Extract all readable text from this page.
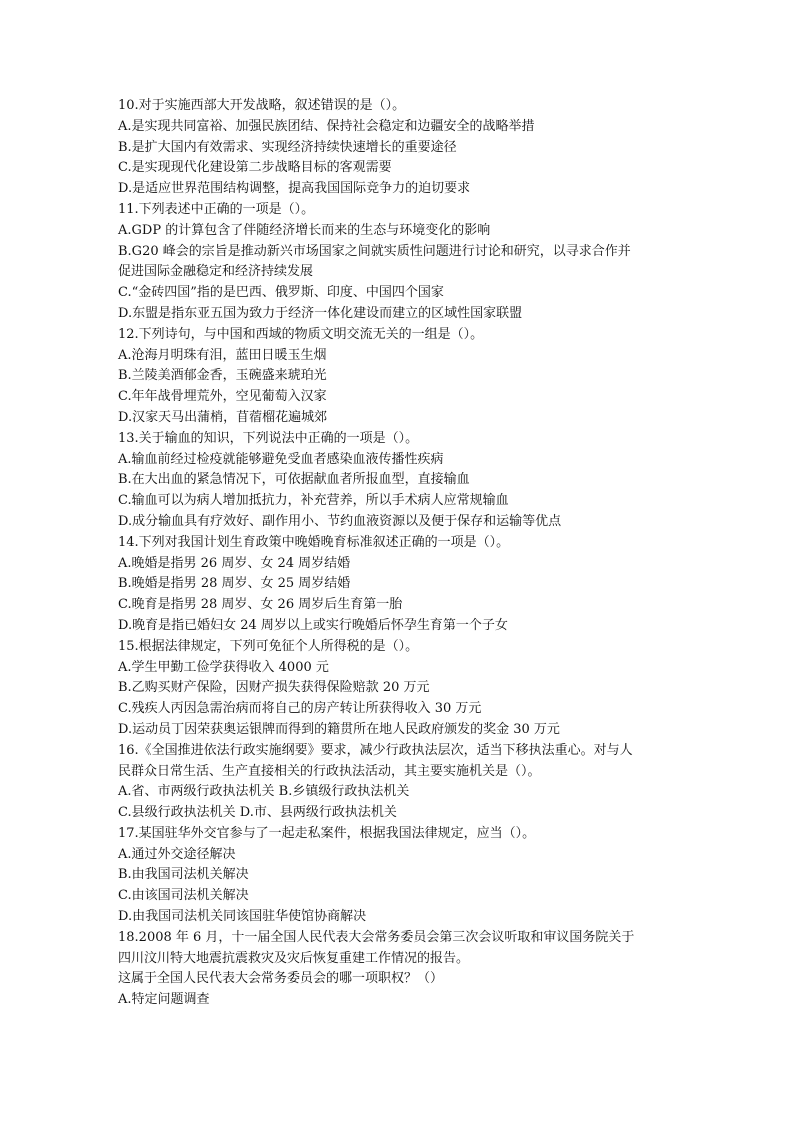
10.对于实施西部大开发战略，叙述错误的是（）。
A.是实现共同富裕、加强民族团结、保持社会稳定和边疆安全的战略举措
B.是扩大国内有效需求、实现经济持续快速增长的重要途径
C.是实现现代化建设第二步战略目标的客观需要
D.是适应世界范围结构调整，提高我国国际竞争力的迫切要求
11.下列表述中正确的一项是（）。
A.GDP 的计算包含了伴随经济增长而来的生态与环境变化的影响
B.G20 峰会的宗旨是推动新兴市场国家之间就实质性问题进行讨论和研究，以寻求合作并
促进国际金融稳定和经济持续发展
C.“金砖四国”指的是巴西、俄罗斯、印度、中国四个国家
D.东盟是指东亚五国为致力于经济一体化建设而建立的区域性国家联盟
12.下列诗句，与中国和西域的物质文明交流无关的一组是（）。
A.沧海月明珠有泪，蓝田日暖玉生烟
B.兰陵美酒郁金香，玉碗盛来琥珀光
C.年年战骨埋荒外，空见葡萄入汉家
D.汉家天马出蒲梢，苜蓿榴花遍城郊
13.关于输血的知识，下列说法中正确的一项是（）。
A.输血前经过检疫就能够避免受血者感染血液传播性疾病
B.在大出血的紧急情况下，可依据献血者所报血型，直接输血
C.输血可以为病人增加抵抗力，补充营养，所以手术病人应常规输血
D.成分输血具有疗效好、副作用小、节约血液资源以及便于保存和运输等优点
14.下列对我国计划生育政策中晚婚晚育标准叙述正确的一项是（）。
A.晚婚是指男 26 周岁、女 24 周岁结婚
B.晚婚是指男 28 周岁、女 25 周岁结婚
C.晚育是指男 28 周岁、女 26 周岁后生育第一胎
D.晚育是指已婚妇女 24 周岁以上或实行晚婚后怀孕生育第一个子女
15.根据法律规定，下列可免征个人所得税的是（）。
A.学生甲勤工俭学获得收入 4000 元
B.乙购买财产保险，因财产损失获得保险赔款 20 万元
C.残疾人丙因急需治病而将自己的房产转让所获得收入 30 万元
D.运动员丁因荣获奥运银牌而得到的籍贯所在地人民政府颁发的奖金 30 万元
16.《全国推进依法行政实施纲要》要求，减少行政执法层次，适当下移执法重心。对与人
民群众日常生活、生产直接相关的行政执法活动，其主要实施机关是（）。
A.省、市两级行政执法机关 B.乡镇级行政执法机关
C.县级行政执法机关 D.市、县两级行政执法机关
17.某国驻华外交官参与了一起走私案件，根据我国法律规定，应当（）。
A.通过外交途径解决
B.由我国司法机关解决
C.由该国司法机关解决
D.由我国司法机关同该国驻华使馆协商解决
18.2008 年 6 月，十一届全国人民代表大会常务委员会第三次会议听取和审议国务院关于
四川汶川特大地震抗震救灾及灾后恢复重建工作情况的报告。
这属于全国人民代表大会常务委员会的哪一项职权？（）
A.特定问题调查
